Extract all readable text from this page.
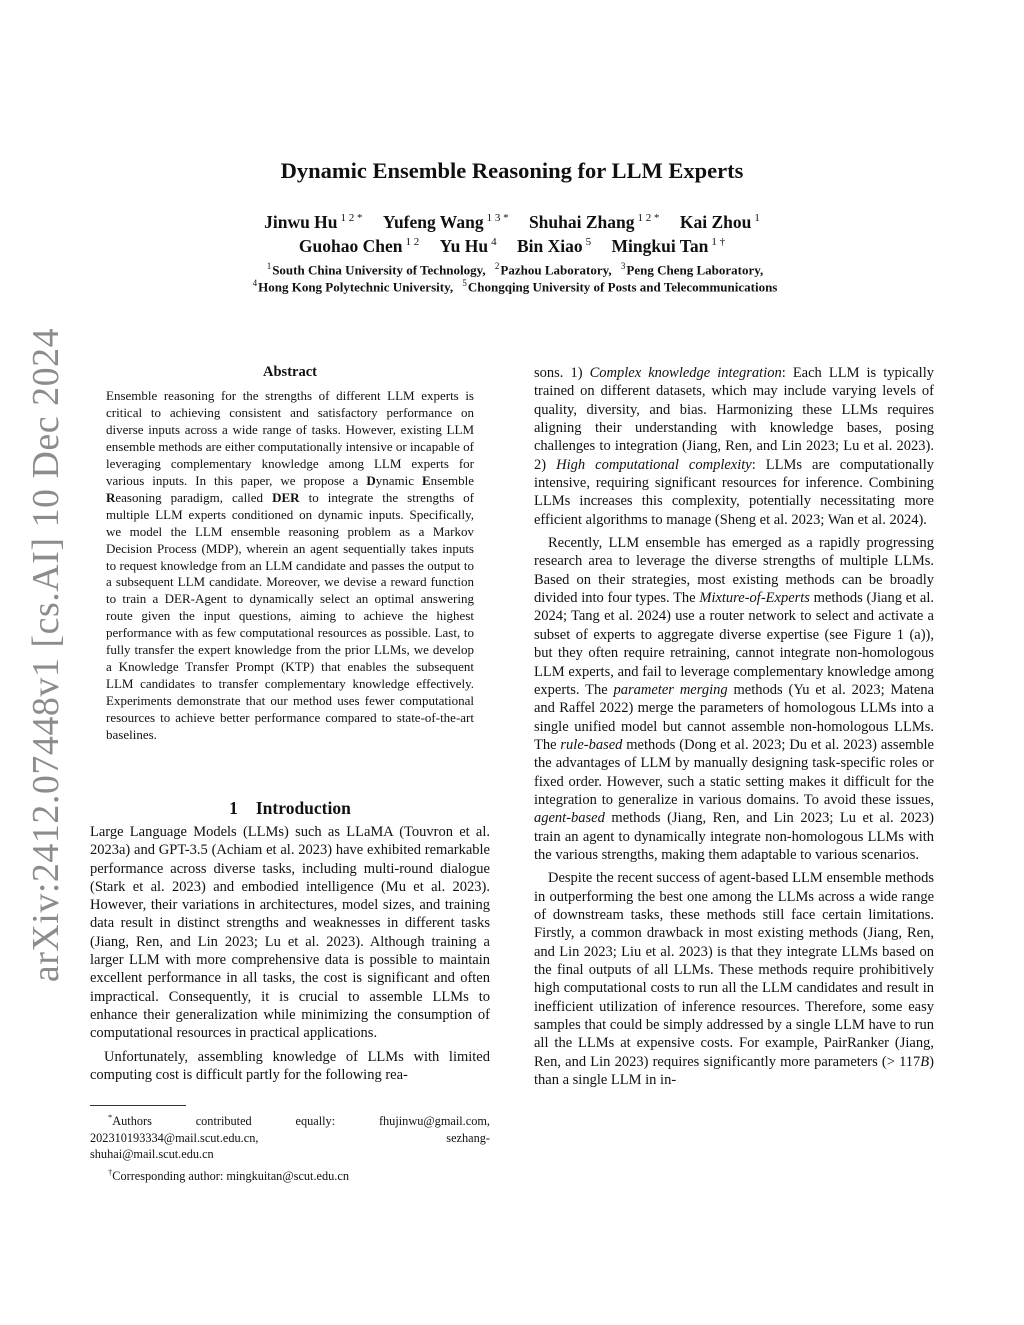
arXiv:2412.07448v1 [cs.AI] 10 Dec 2024
Dynamic Ensemble Reasoning for LLM Experts
Jinwu Hu $^{1 2 *}$ Yufeng Wang $^{1 3 *}$ Shuhai Zhang $^{1 2 *}$ Kai Zhou $^1$
Guohao Chen $^{1 2}$ Yu Hu $^4$ Bin Xiao $^5$ Mingkui Tan $^{1 \dagger}$
$^1$South China University of Technology, $^2$Pazhou Laboratory, $^3$Peng Cheng Laboratory,
$^4$Hong Kong Polytechnic University, $^5$Chongqing University of Posts and Telecommunications
Abstract
Ensemble reasoning for the strengths of different LLM experts is critical to achieving consistent and satisfactory performance on diverse inputs across a wide range of tasks. However, existing LLM ensemble methods are either computationally intensive or incapable of leveraging complementary knowledge among LLM experts for various inputs. In this paper, we propose a Dynamic Ensemble Reasoning paradigm, called DER to integrate the strengths of multiple LLM experts conditioned on dynamic inputs. Specifically, we model the LLM ensemble reasoning problem as a Markov Decision Process (MDP), wherein an agent sequentially takes inputs to request knowledge from an LLM candidate and passes the output to a subsequent LLM candidate. Moreover, we devise a reward function to train a DER-Agent to dynamically select an optimal answering route given the input questions, aiming to achieve the highest performance with as few computational resources as possible. Last, to fully transfer the expert knowledge from the prior LLMs, we develop a Knowledge Transfer Prompt (KTP) that enables the subsequent LLM candidates to transfer complementary knowledge effectively. Experiments demonstrate that our method uses fewer computational resources to achieve better performance compared to state-of-the-art baselines.
1 Introduction

Large Language Models (LLMs) such as LLaMA (Touvron et al. 2023a) and GPT-3.5 (Achiam et al. 2023) have exhibited remarkable performance across diverse tasks, including multi-round dialogue (Stark et al. 2023) and embodied intelligence (Mu et al. 2023). However, their variations in architectures, model sizes, and training data result in distinct strengths and weaknesses in different tasks (Jiang, Ren, and Lin 2023; Lu et al. 2023). Although training a larger LLM with more comprehensive data is possible to maintain excellent performance in all tasks, the cost is significant and often impractical. Consequently, it is crucial to assemble LLMs to enhance their generalization while minimizing the consumption of computational resources in practical applications.

Unfortunately, assembling knowledge of LLMs with limited computing cost is difficult partly for the following rea-

*Authors contributed equally: fhujinwu@gmail.com, 202310193334@mail.scut.edu.cn, sezhang-
shuhai@mail.scut.edu.cn
†Corresponding author: mingkuitan@scut.edu.cn

sons. 1) Complex knowledge integration: Each LLM is typically trained on different datasets, which may include varying levels of quality, diversity, and bias. Harmonizing these LLMs requires aligning their understanding with knowledge bases, posing challenges to integration (Jiang, Ren, and Lin 2023; Lu et al. 2023). 2) High computational complexity: LLMs are computationally intensive, requiring significant resources for inference. Combining LLMs increases this complexity, potentially necessitating more efficient algorithms to manage (Sheng et al. 2023; Wan et al. 2024).

Recently, LLM ensemble has emerged as a rapidly progressing research area to leverage the diverse strengths of multiple LLMs. Based on their strategies, most existing methods can be broadly divided into four types. The Mixture-of-Experts methods (Jiang et al. 2024; Tang et al. 2024) use a router network to select and activate a subset of experts to aggregate diverse expertise (see Figure 1 (a)), but they often require retraining, cannot integrate non-homologous LLM experts, and fail to leverage complementary knowledge among experts. The parameter merging methods (Yu et al. 2023; Matena and Raffel 2022) merge the parameters of homologous LLMs into a single unified model but cannot assemble non-homologous LLMs. The rule-based methods (Dong et al. 2023; Du et al. 2023) assemble the advantages of LLM by manually designing task-specific roles or fixed order. However, such a static setting makes it difficult for the integration to generalize in various domains. To avoid these issues, agent-based methods (Jiang, Ren, and Lin 2023; Lu et al. 2023) train an agent to dynamically integrate non-homologous LLMs with the various strengths, making them adaptable to various scenarios.

Despite the recent success of agent-based LLM ensemble methods in outperforming the best one among the LLMs across a wide range of downstream tasks, these methods still face certain limitations. Firstly, a common drawback in most existing methods (Jiang, Ren, and Lin 2023; Liu et al. 2023) is that they integrate LLMs based on the final outputs of all LLMs. These methods require prohibitively high computational costs to run all the LLM candidates and result in inefficient utilization of inference resources. Therefore, some easy samples that could be simply addressed by a single LLM have to run all the LLMs at expensive costs. For example, PairRanker (Jiang, Ren, and Lin 2023) requires significantly more parameters (> 117B) than a single LLM in in-
